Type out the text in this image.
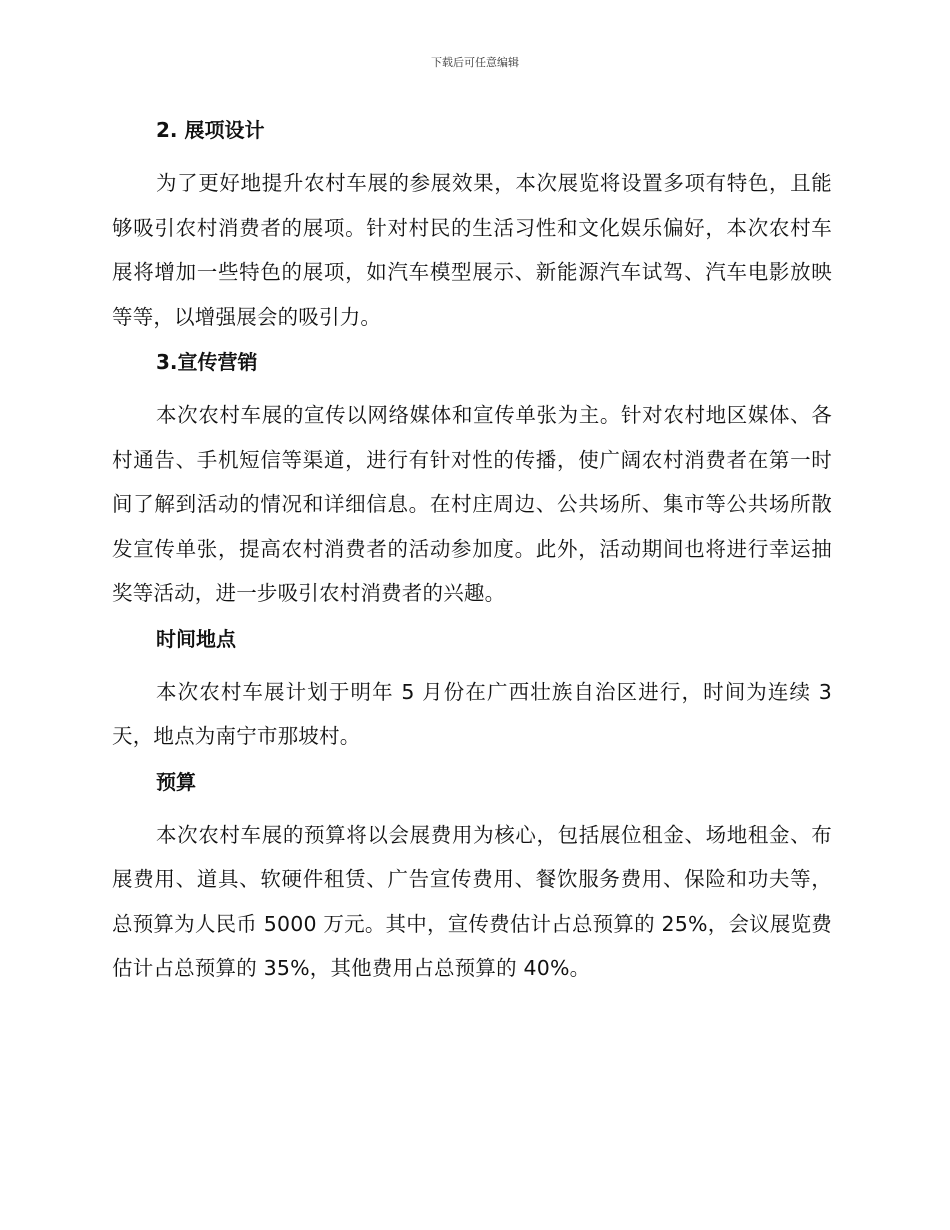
下载后可任意编辑
2. 展项设计

为了更好地提升农村车展的参展效果，本次展览将设置多项有特色，且能够吸引农村消费者的展项。针对村民的生活习性和文化娱乐偏好，本次农村车展将增加一些特色的展项，如汽车模型展示、新能源汽车试驾、汽车电影放映等等，以增强展会的吸引力。

3.宣传营销

本次农村车展的宣传以网络媒体和宣传单张为主。针对农村地区媒体、各村通告、手机短信等渠道，进行有针对性的传播，使广阔农村消费者在第一时间了解到活动的情况和详细信息。在村庄周边、公共场所、集市等公共场所散发宣传单张，提高农村消费者的活动参加度。此外，活动期间也将进行幸运抽奖等活动，进一步吸引农村消费者的兴趣。

时间地点

本次农村车展计划于明年 5 月份在广西壮族自治区进行，时间为连续 3 天，地点为南宁市那坡村。

预算

本次农村车展的预算将以会展费用为核心，包括展位租金、场地租金、布展费用、道具、软硬件租赁、广告宣传费用、餐饮服务费用、保险和功夫等，总预算为人民币 5000 万元。其中，宣传费估计占总预算的 25%，会议展览费估计占总预算的 35%，其他费用占总预算的 40%。
